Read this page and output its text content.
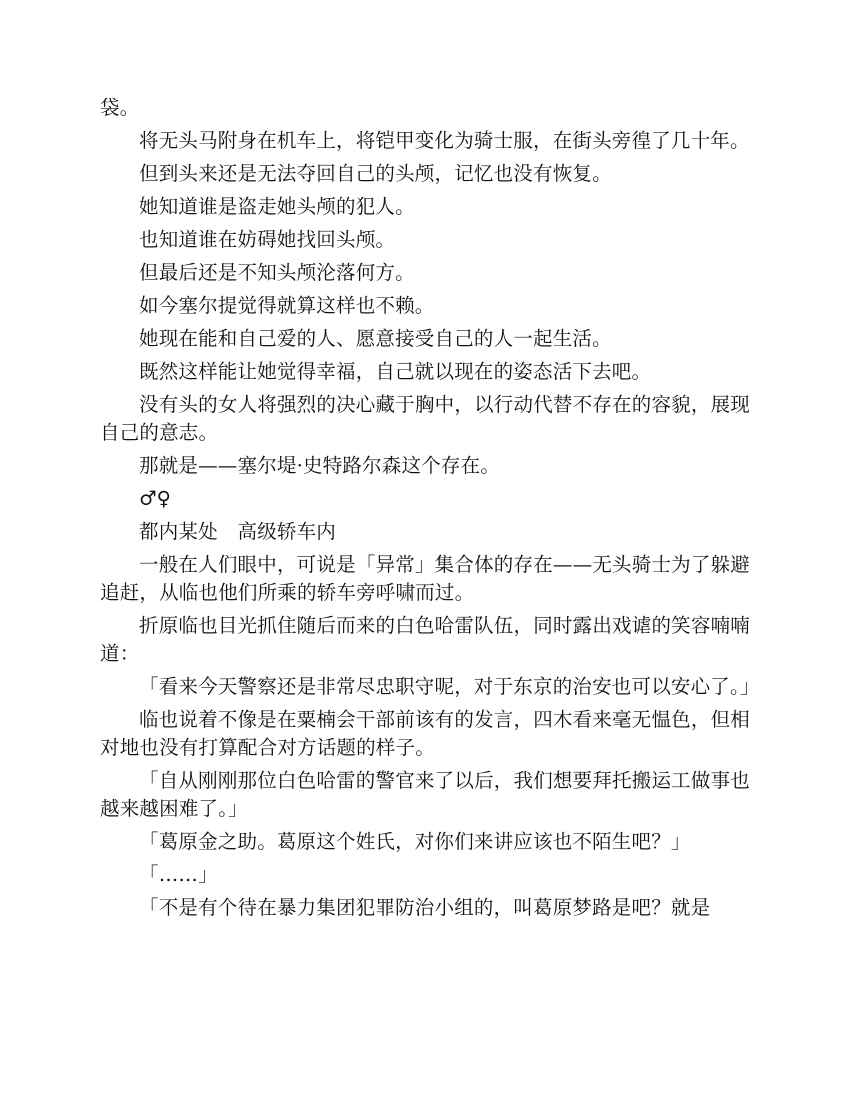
袋。

将无头马附身在机车上，将铠甲变化为骑士服，在街头旁徨了几十年。

但到头来还是无法夺回自己的头颅，记忆也没有恢复。

她知道谁是盗走她头颅的犯人。

也知道谁在妨碍她找回头颅。

但最后还是不知头颅沦落何方。

如今塞尔提觉得就算这样也不赖。

她现在能和自己爱的人、愿意接受自己的人一起生活。

既然这样能让她觉得幸福，自己就以现在的姿态活下去吧。

没有头的女人将强烈的决心藏于胸中，以行动代替不存在的容貌，展现自己的意志。

那就是——塞尔堤·史特路尔森这个存在。

♂♀

都内某处　高级轿车内

一般在人们眼中，可说是「异常」集合体的存在——无头骑士为了躲避追赶，从临也他们所乘的轿车旁呼啸而过。

折原临也目光抓住随后而来的白色哈雷队伍，同时露出戏谑的笑容喃喃道：

「看来今天警察还是非常尽忠职守呢，对于东京的治安也可以安心了。」

临也说着不像是在粟楠会干部前该有的发言，四木看来毫无愠色，但相对地也没有打算配合对方话题的样子。

「自从刚刚那位白色哈雷的警官来了以后，我们想要拜托搬运工做事也越来越困难了。」

「葛原金之助。葛原这个姓氏，对你们来讲应该也不陌生吧？」

「……」

「不是有个待在暴力集团犯罪防治小组的，叫葛原梦路是吧？就是
